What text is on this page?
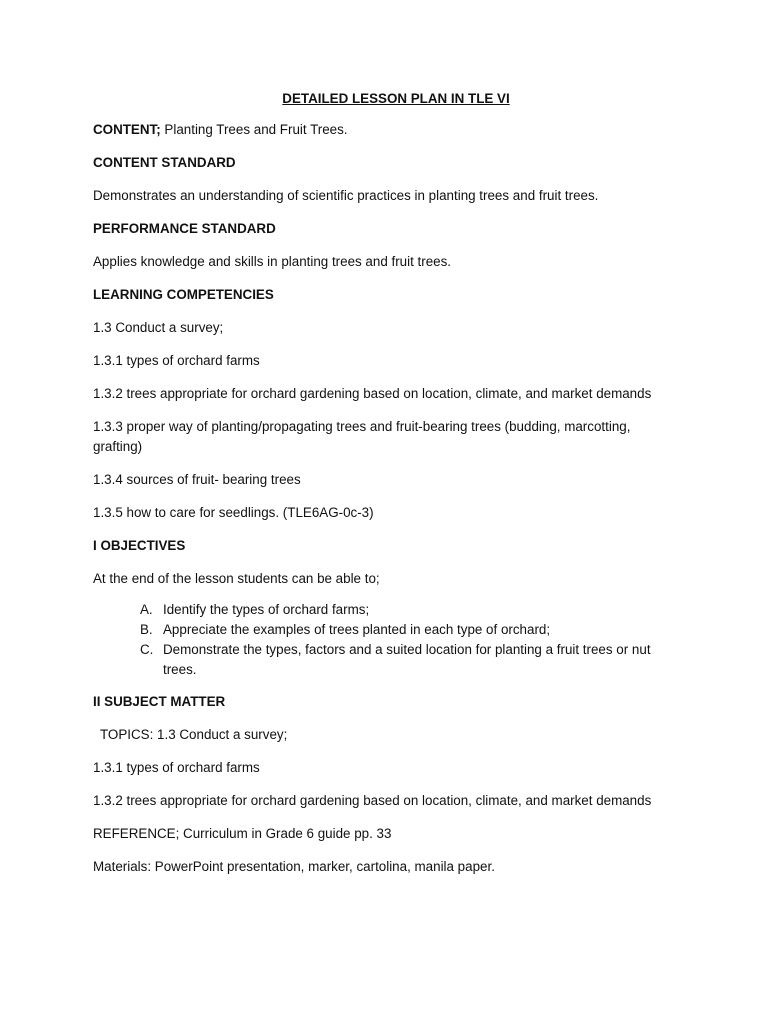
DETAILED LESSON PLAN IN TLE VI

CONTENT; Planting Trees and Fruit Trees.

CONTENT STANDARD

Demonstrates an understanding of scientific practices in planting trees and fruit trees.

PERFORMANCE STANDARD

Applies knowledge and skills in planting trees and fruit trees.

LEARNING COMPETENCIES

1.3 Conduct a survey;

1.3.1 types of orchard farms

1.3.2 trees appropriate for orchard gardening based on location, climate, and market demands

1.3.3 proper way of planting/propagating trees and fruit-bearing trees (budding, marcotting, grafting)

1.3.4 sources of fruit- bearing trees

1.3.5 how to care for seedlings. (TLE6AG-0c-3)

I OBJECTIVES

At the end of the lesson students can be able to;

A. Identify the types of orchard farms;
B. Appreciate the examples of trees planted in each type of orchard;
C. Demonstrate the types, factors and a suited location for planting a fruit trees or nut trees.

II SUBJECT MATTER

TOPICS: 1.3 Conduct a survey;

1.3.1 types of orchard farms

1.3.2 trees appropriate for orchard gardening based on location, climate, and market demands

REFERENCE; Curriculum in Grade 6 guide pp. 33

Materials: PowerPoint presentation, marker, cartolina, manila paper.
